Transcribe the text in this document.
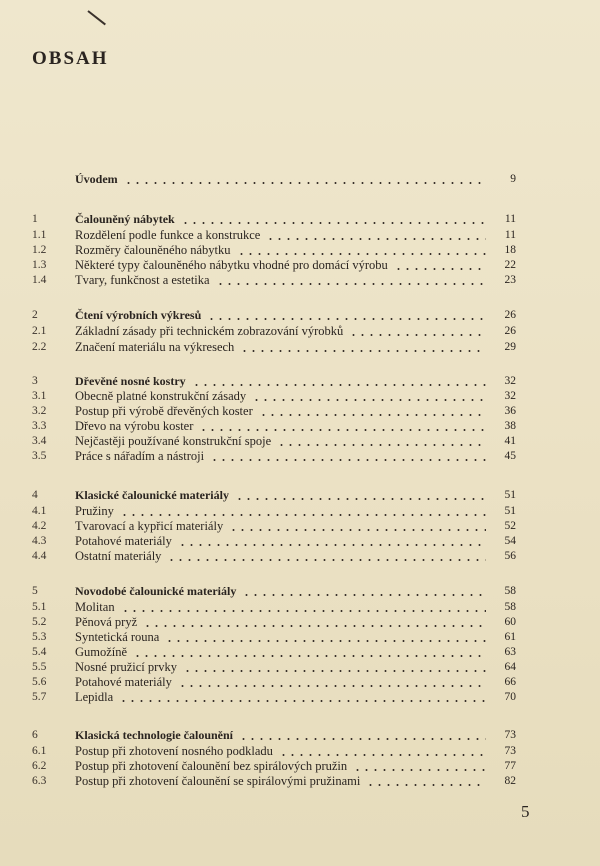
OBSAH
Úvodem	9
1	Čalouněný nábytek	11
1.1	Rozdělení podle funkce a konstrukce	11
1.2	Rozměry čalouněného nábytku	18
1.3	Některé typy čalouněného nábytku vhodné pro domácí výrobu	22
1.4	Tvary, funkčnost a estetika	23
2	Čtení výrobních výkresů	26
2.1	Základní zásady při technickém zobrazování výrobků	26
2.2	Značení materiálu na výkresech	29
3	Dřevěné nosné kostry	32
3.1	Obecně platné konstrukční zásady	32
3.2	Postup při výrobě dřevěných koster	36
3.3	Dřevo na výrobu koster	38
3.4	Nejčastěji používané konstrukční spoje	41
3.5	Práce s nářadím a nástroji	45
4	Klasické čalounické materiály	51
4.1	Pružiny	51
4.2	Tvarovací a kypřicí materiály	52
4.3	Potahové materiály	54
4.4	Ostatní materiály	56
5	Novodobé čalounické materiály	58
5.1	Molitan	58
5.2	Pěnová pryž	60
5.3	Syntetická rouna	61
5.4	Gumožíně	63
5.5	Nosné pružicí prvky	64
5.6	Potahové materiály	66
5.7	Lepidla	70
6	Klasická technologie čalounění	73
6.1	Postup při zhotovení nosného podkladu	73
6.2	Postup při zhotovení čalounění bez spirálových pružin	77
6.3	Postup při zhotovení čalounění se spirálovými pružinami	82
5
